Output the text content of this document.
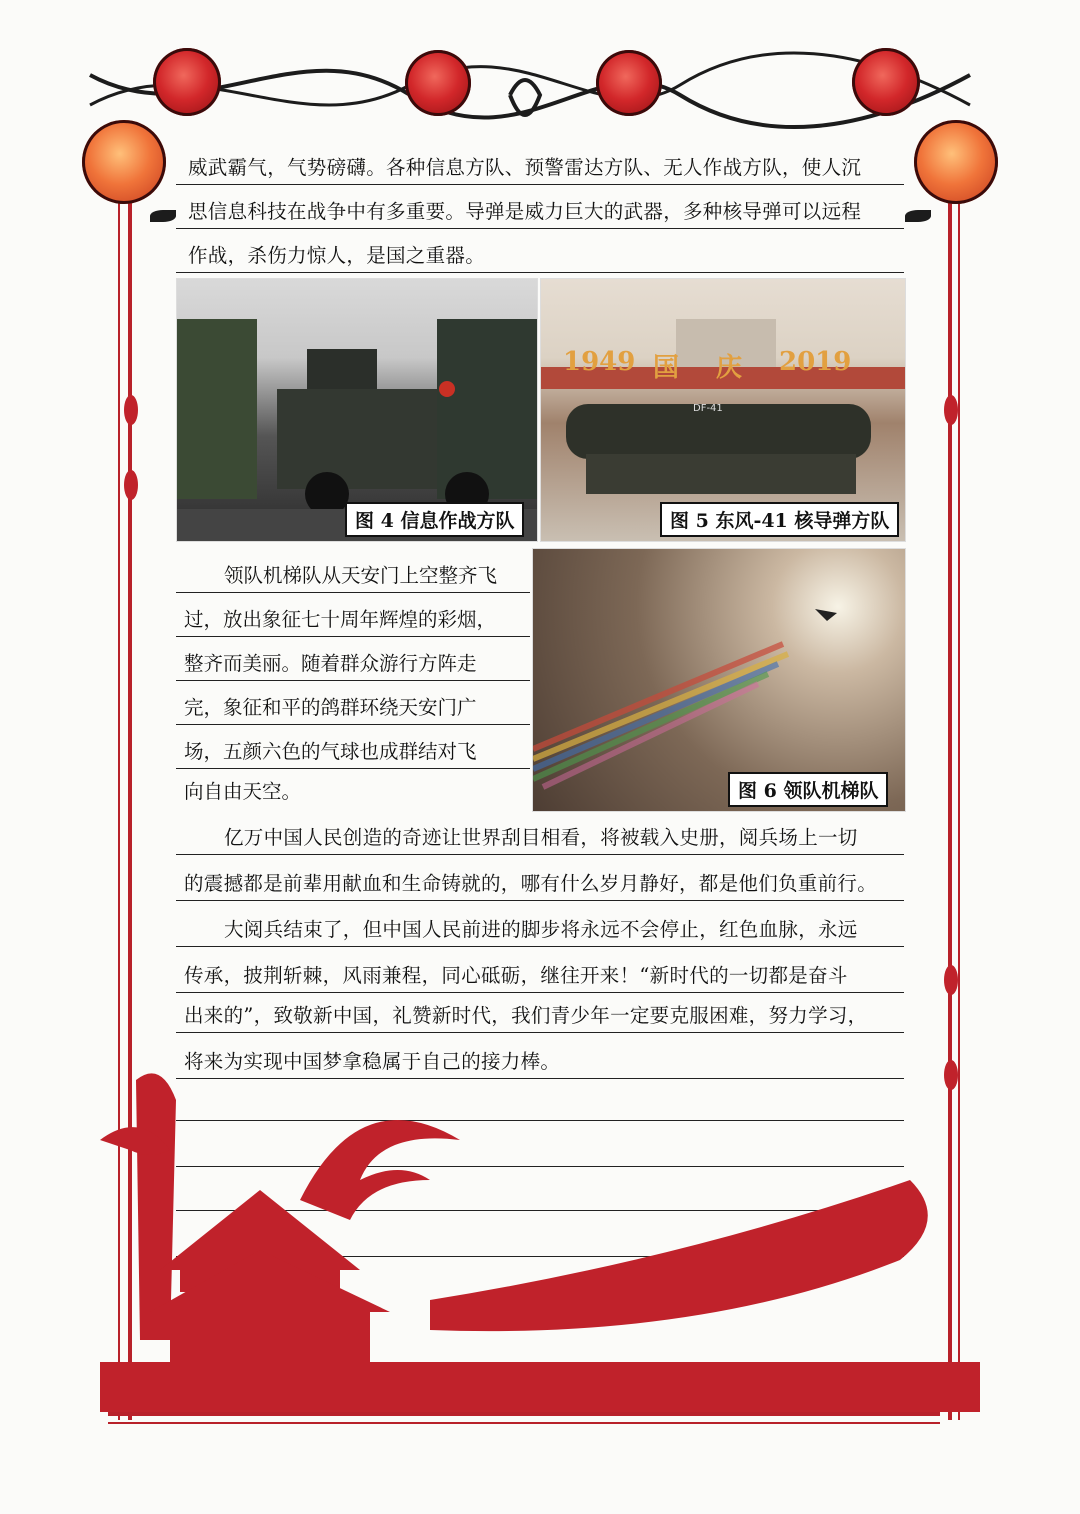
威武霸气，气势磅礴。各种信息方队、预警雷达方队、无人作战方队，使人沉
思信息科技在战争中有多重要。导弹是威力巨大的武器，多种核导弹可以远程
作战，杀伤力惊人，是国之重器。
图 4 信息作战方队
DF-41
1949 国 庆 2019
图 5 东风-41 核导弹方队
领队机梯队从天安门上空整齐飞
过，放出象征七十周年辉煌的彩烟，
整齐而美丽。随着群众游行方阵走
完，象征和平的鸽群环绕天安门广
场，五颜六色的气球也成群结对飞
向自由天空。	图 6 领队机梯队
亿万中国人民创造的奇迹让世界刮目相看，将被载入史册，阅兵场上一切
的震撼都是前辈用献血和生命铸就的，哪有什么岁月静好，都是他们负重前行。
大阅兵结束了，但中国人民前进的脚步将永远不会停止，红色血脉，永远
传承，披荆斩棘，风雨兼程，同心砥砺，继往开来！“新时代的一切都是奋斗
出来的”，致敬新中国，礼赞新时代，我们青少年一定要克服困难，努力学习，
将来为实现中国梦拿稳属于自己的接力棒。
